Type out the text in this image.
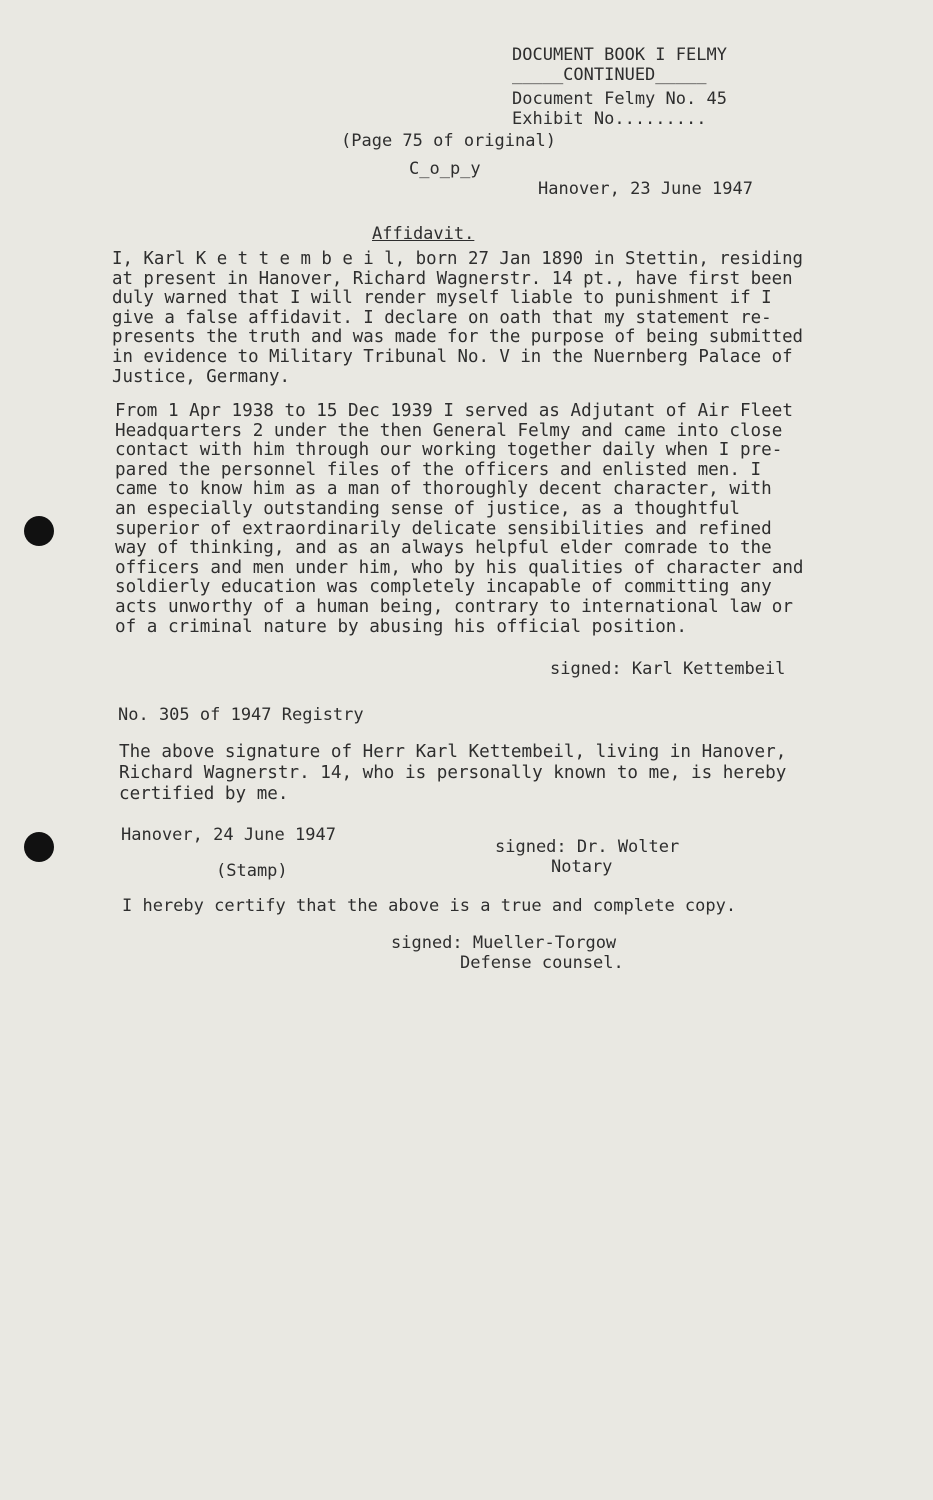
DOCUMENT BOOK I FELMY
_____CONTINUED_____
Document Felmy No. 45
Exhibit No.........
(Page 75 of original)
C_o_p_y
Hanover, 23 June 1947
Affidavit.
I, Karl K e t t e m b e i l, born 27 Jan 1890 in Stettin, residing
at present in Hanover, Richard Wagnerstr. 14 pt., have first been
duly warned that I will render myself liable to punishment if I
give a false affidavit. I declare on oath that my statement re-
presents the truth and was made for the purpose of being submitted
in evidence to Military Tribunal No. V in the Nuernberg Palace of
Justice, Germany.
From 1 Apr 1938 to 15 Dec 1939 I served as Adjutant of Air Fleet
Headquarters 2 under the then General Felmy and came into close
contact with him through our working together daily when I pre-
pared the personnel files of the officers and enlisted men. I
came to know him as a man of thoroughly decent character, with
an especially outstanding sense of justice, as a thoughtful
superior of extraordinarily delicate sensibilities and refined
way of thinking, and as an always helpful elder comrade to the
officers and men under him, who by his qualities of character and
soldierly education was completely incapable of committing any
acts unworthy of a human being, contrary to international law or
of a criminal nature by abusing his official position.
signed: Karl Kettembeil
No. 305 of 1947 Registry
The above signature of Herr Karl Kettembeil, living in Hanover,
Richard Wagnerstr. 14, who is personally known to me, is hereby
certified by me.
Hanover, 24 June 1947
signed: Dr. Wolter
Notary
(Stamp)
I hereby certify that the above is a true and complete copy.
signed: Mueller-Torgow
Defense counsel.
